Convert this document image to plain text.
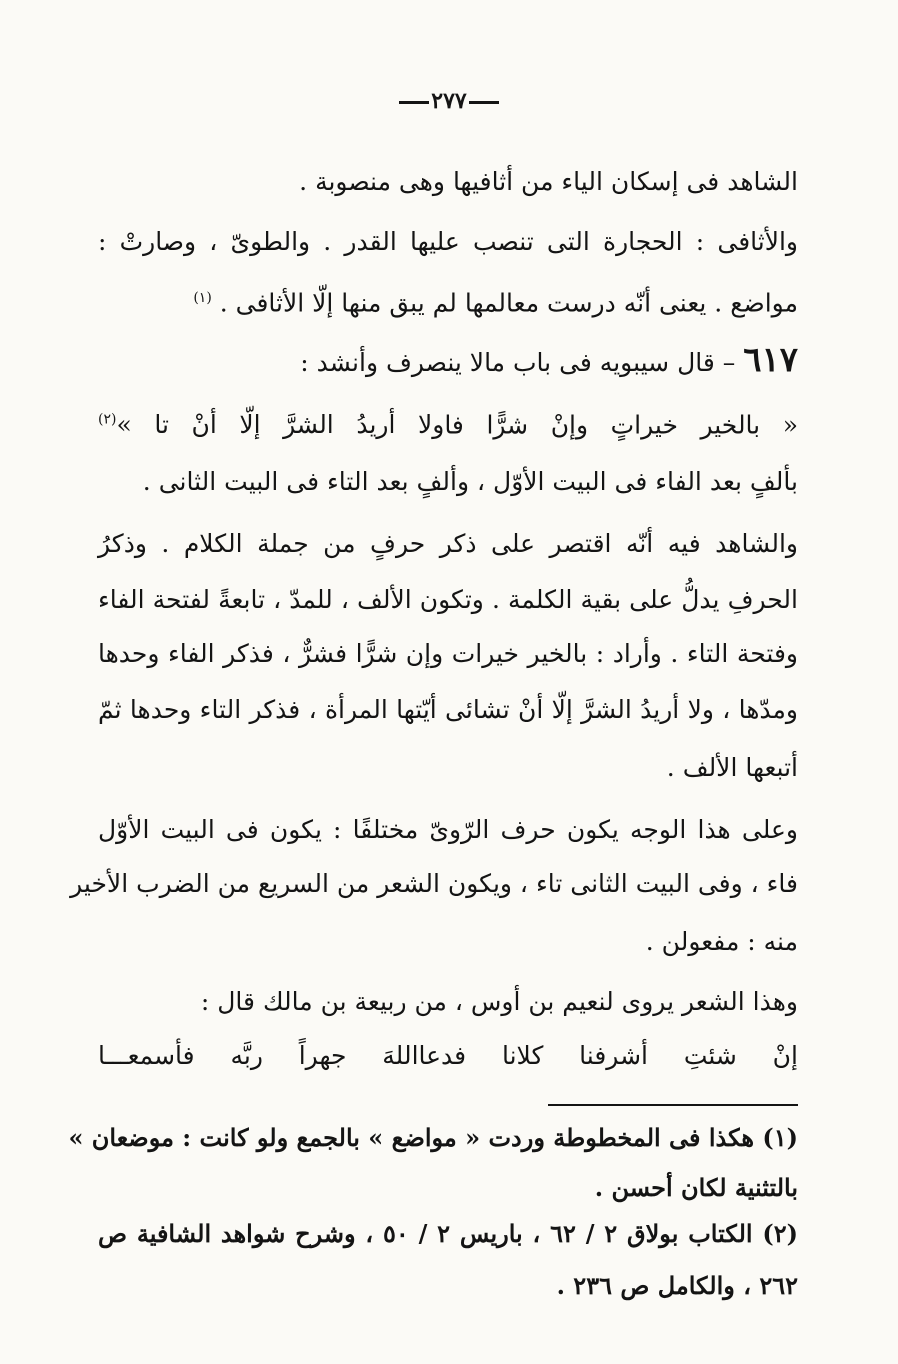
٢٧٧
الشاهد فى إسكان الياء من أثافيها وهى منصوبة .
والأثافى : الحجارة التى تنصب عليها القدر . والطوىّ ، وصارتْ :
مواضع . يعنى أنّه درست معالمها لم يبق منها إلّا الأثافى . $^{(١)}$
٦١٧ – قال سيبويه فى باب مالا ينصرف وأنشد :
« بالخير خيراتٍ وإنْ شرًّا فاولا أريدُ الشرَّ إلّا أنْ تا »$^{(٢)}$
بألفٍ بعد الفاء فى البيت الأوّل ، وألفٍ بعد التاء فى البيت الثانى .
والشاهد فيه أنّه اقتصر على ذكر حرفٍ من جملة الكلام . وذكرُ
الحرفِ يدلُّ على بقية الكلمة . وتكون الألف ، للمدّ ، تابعةً لفتحة الفاء
وفتحة التاء . وأراد : بالخير خيرات وإن شرًّا فشرٌّ ، فذكر الفاء وحدها
ومدّها ، ولا أريدُ الشرَّ إلّا أنْ تشائى أيّتها المرأة ، فذكر التاء وحدها ثمّ
أتبعها الألف .
وعلى هذا الوجه يكون حرف الرّوىّ مختلفًا : يكون فى البيت الأوّل
فاء ، وفى البيت الثانى تاء ، ويكون الشعر من السريع من الضرب الأخير
منه : مفعولن .
وهذا الشعر يروى لنعيم بن أوس ، من ربيعة بن مالك قال :
إنْ شئتِ أشرفنا كلانا فدعااللهَ جهراً ربَّه فأسمعـــا
(١) هكذا فى المخطوطة وردت « مواضع » بالجمع ولو كانت : موضعان »
بالتثنية لكان أحسن .
(٢) الكتاب بولاق ٢ / ٦٢ ، باريس ٢ / ٥٠ ، وشرح شواهد الشافية ص
٢٦٢ ، والكامل ص ٢٣٦ .
